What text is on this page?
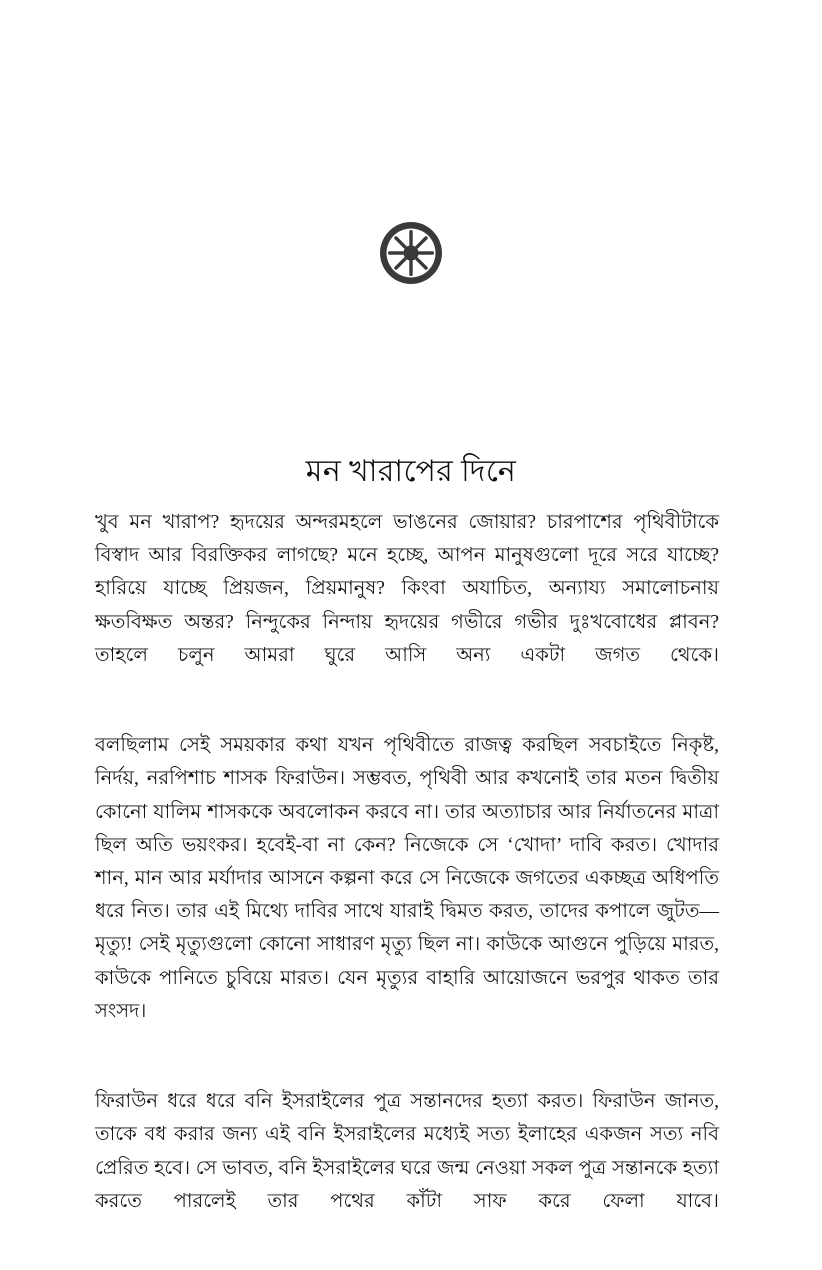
মন খারাপের দিনে

খুব মন খারাপ? হৃদয়ের অন্দরমহলে ভাঙনের জোয়ার? চারপাশের পৃথিবীটাকে বিস্বাদ আর বিরক্তিকর লাগছে? মনে হচ্ছে, আপন মানুষগুলো দূরে সরে যাচ্ছে? হারিয়ে যাচ্ছে প্রিয়জন, প্রিয়মানুষ? কিংবা অযাচিত, অন্যায্য সমালোচনায় ক্ষতবিক্ষত অন্তর? নিন্দুকের নিন্দায় হৃদয়ের গভীরে গভীর দুঃখবোধের প্লাবন? তাহলে চলুন আমরা ঘুরে আসি অন্য একটা জগত থেকে।

বলছিলাম সেই সময়কার কথা যখন পৃথিবীতে রাজত্ব করছিল সবচাইতে নিকৃষ্ট, নির্দয়, নরপিশাচ শাসক ফিরাউন। সম্ভবত, পৃথিবী আর কখনোই তার মতন দ্বিতীয় কোনো যালিম শাসককে অবলোকন করবে না। তার অত্যাচার আর নির্যাতনের মাত্রা ছিল অতি ভয়ংকর। হবেই-বা না কেন? নিজেকে সে ‘খোদা’ দাবি করত। খোদার শান, মান আর মর্যাদার আসনে কল্পনা করে সে নিজেকে জগতের একচ্ছত্র অধিপতি ধরে নিত। তার এই মিথ্যে দাবির সাথে যারাই দ্বিমত করত, তাদের কপালে জুটত—মৃত্যু! সেই মৃত্যুগুলো কোনো সাধারণ মৃত্যু ছিল না। কাউকে আগুনে পুড়িয়ে মারত, কাউকে পানিতে চুবিয়ে মারত। যেন মৃত্যুর বাহারি আয়োজনে ভরপুর থাকত তার সংসদ।

ফিরাউন ধরে ধরে বনি ইসরাইলের পুত্র সন্তানদের হত্যা করত। ফিরাউন জানত, তাকে বধ করার জন্য এই বনি ইসরাইলের মধ্যেই সত্য ইলাহের একজন সত্য নবি প্রেরিত হবে। সে ভাবত, বনি ইসরাইলের ঘরে জন্ম নেওয়া সকল পুত্র সন্তানকে হত্যা করতে পারলেই তার পথের কাঁটা সাফ করে ফেলা যাবে।
